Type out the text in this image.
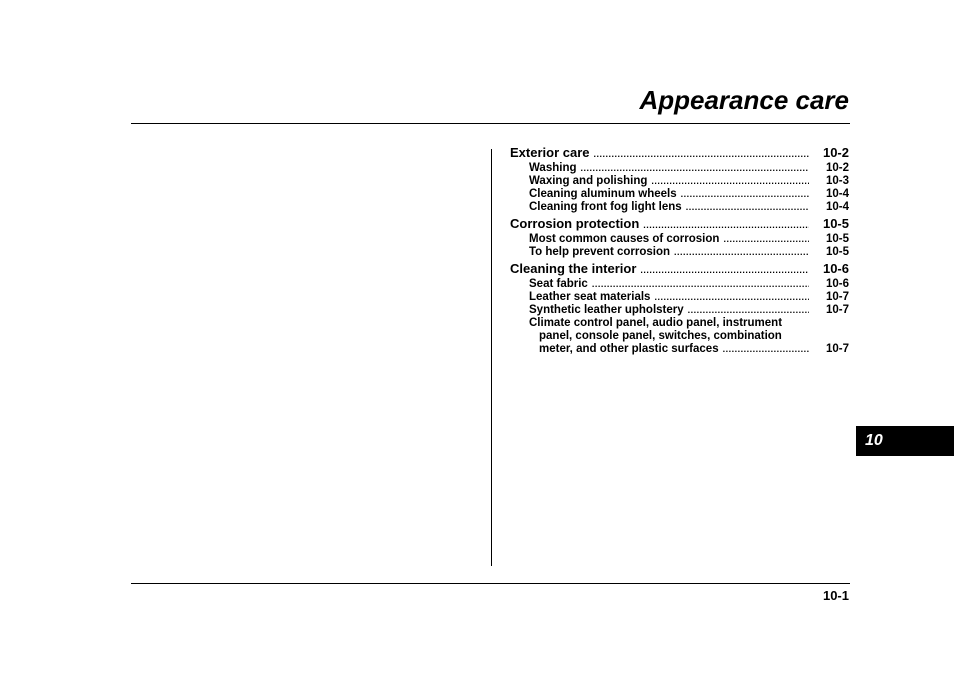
Appearance care
Exterior care .....	10-2
Washing .....	10-2
Waxing and polishing .....	10-3
Cleaning aluminum wheels .....	10-4
Cleaning front fog light lens .....	10-4
Corrosion protection .....	10-5
Most common causes of corrosion .....	10-5
To help prevent corrosion .....	10-5
Cleaning the interior .....	10-6
Seat fabric .....	10-6
Leather seat materials .....	10-7
Synthetic leather upholstery .....	10-7
Climate control panel, audio panel, instrument
panel, console panel, switches, combination
meter, and other plastic surfaces .....	10-7
10
10-1
